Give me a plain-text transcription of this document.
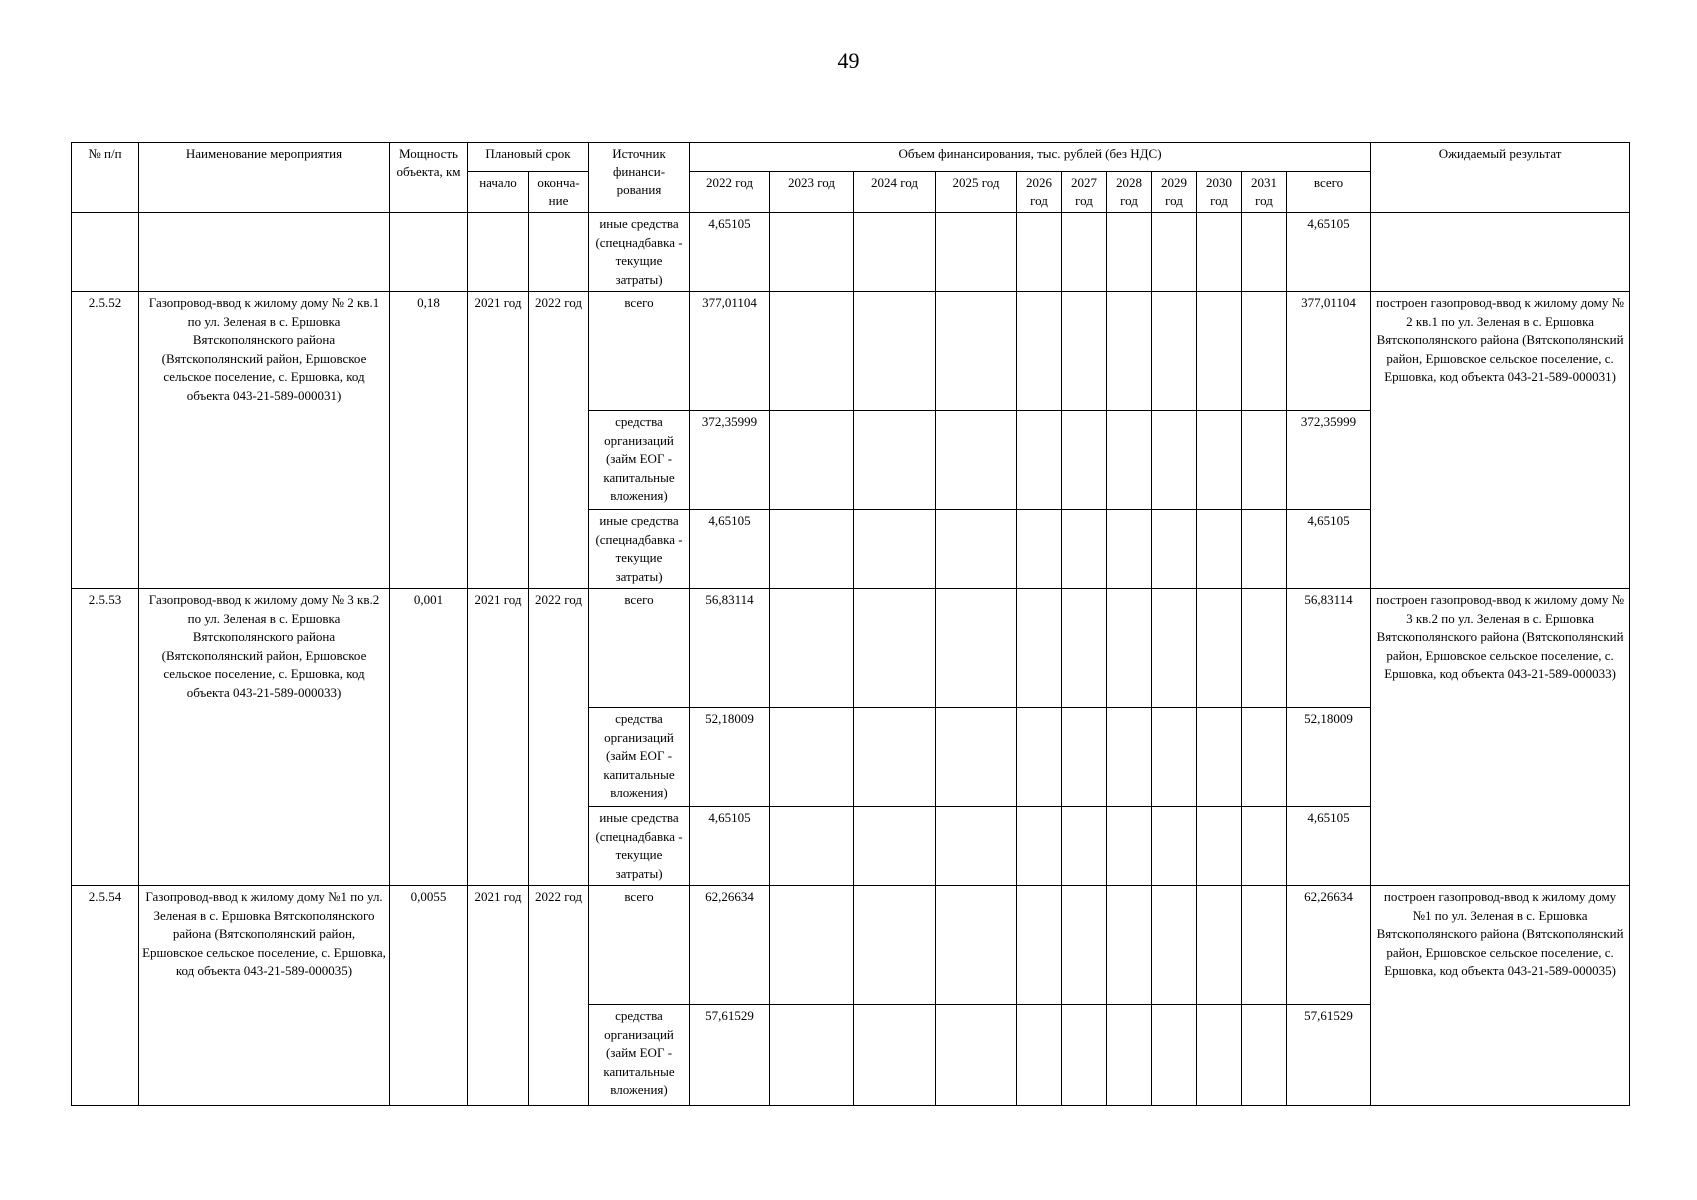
49
№ п/п	Наименование мероприятия	Мощность объекта, км	Плановый срок		Источник финанси-рования	Объем финансирования, тыс. рублей (без НДС)											Ожидаемый результат
			начало	оконча-ние		2022 год	2023 год	2024 год	2025 год	2026 год	2027 год	2028 год	2029 год	2030 год	2031 год	всего	
					иные средства (спецнадбавка - текущие затраты)	4,65105										4,65105	
2.5.52	Газопровод-ввод к жилому дому № 2 кв.1 по ул. Зеленая в с. Ершовка Вятскополянского района (Вятскополянский район, Ершовское сельское поселение, с. Ершовка, код объекта 043-21-589-000031)	0,18	2021 год	2022 год	всего	377,01104										377,01104	построен газопровод-ввод к жилому дому № 2 кв.1 по ул. Зеленая в с. Ершовка Вятскополянского района (Вятскополянский район, Ершовское сельское поселение, с. Ершовка, код объекта 043-21-589-000031)
					средства организаций (займ ЕОГ - капитальные вложения)	372,35999										372,35999	
					иные средства (спецнадбавка - текущие затраты)	4,65105										4,65105	
2.5.53	Газопровод-ввод к жилому дому № 3 кв.2 по ул. Зеленая в с. Ершовка Вятскополянского района (Вятскополянский район, Ершовское сельское поселение, с. Ершовка, код объекта 043-21-589-000033)	0,001	2021 год	2022 год	всего	56,83114										56,83114	построен газопровод-ввод к жилому дому № 3 кв.2 по ул. Зеленая в с. Ершовка Вятскополянского района (Вятскополянский район, Ершовское сельское поселение, с. Ершовка, код объекта 043-21-589-000033)
					средства организаций (займ ЕОГ - капитальные вложения)	52,18009										52,18009	
					иные средства (спецнадбавка - текущие затраты)	4,65105										4,65105	
2.5.54	Газопровод-ввод к жилому дому №1 по ул. Зеленая в с. Ершовка Вятскополянского района (Вятскополянский район, Ершовское сельское поселение, с. Ершовка, код объекта 043-21-589-000035)	0,0055	2021 год	2022 год	всего	62,26634										62,26634	построен газопровод-ввод к жилому дому №1 по ул. Зеленая в с. Ершовка Вятскополянского района (Вятскополянский район, Ершовское сельское поселение, с. Ершовка, код объекта 043-21-589-000035)
					средства организаций (займ ЕОГ - капитальные вложения)	57,61529										57,61529	
